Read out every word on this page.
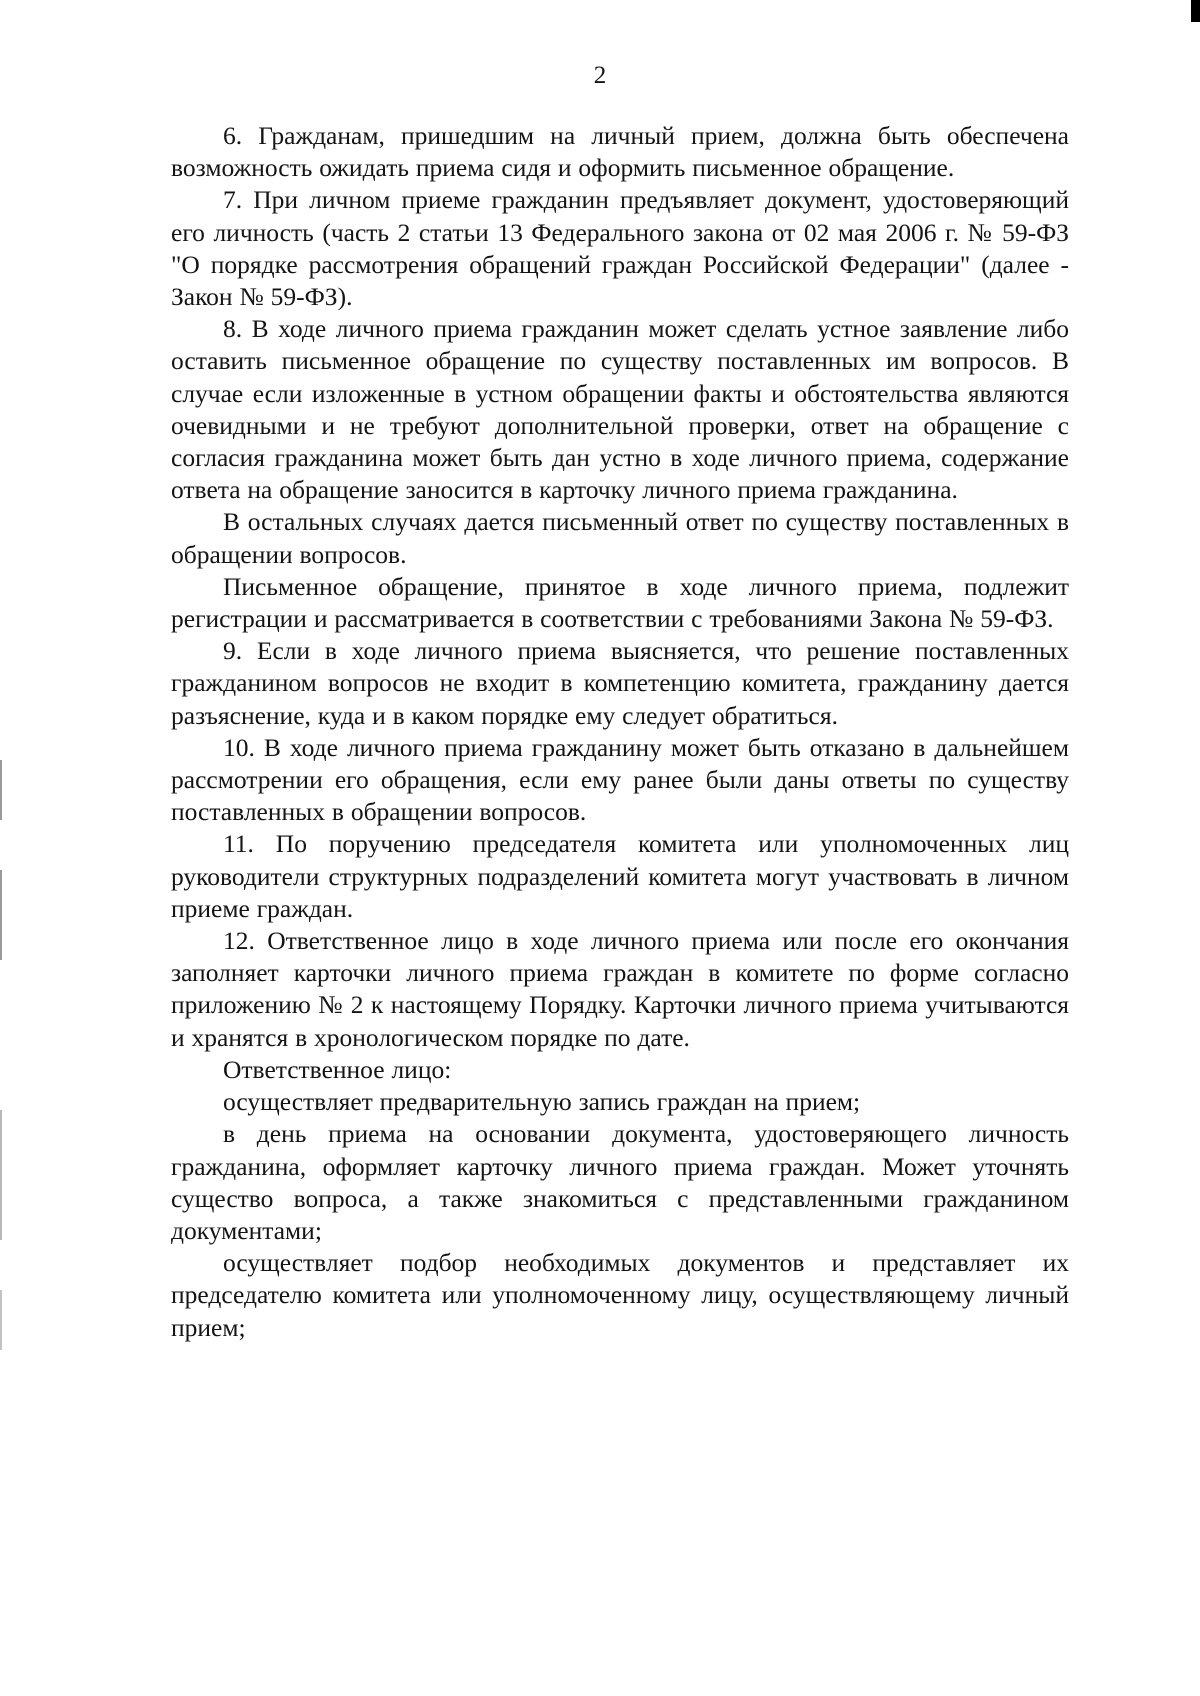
2

6. Гражданам, пришедшим на личный прием, должна быть обеспечена возможность ожидать приема сидя и оформить письменное обращение.

7. При личном приеме гражданин предъявляет документ, удостоверяющий его личность (часть 2 статьи 13 Федерального закона от 02 мая 2006 г. № 59-ФЗ "О порядке рассмотрения обращений граждан Российской Федерации" (далее - Закон № 59-ФЗ).

8. В ходе личного приема гражданин может сделать устное заявление либо оставить письменное обращение по существу поставленных им вопросов. В случае если изложенные в устном обращении факты и обстоятельства являются очевидными и не требуют дополнительной проверки, ответ на обращение с согласия гражданина может быть дан устно в ходе личного приема, содержание ответа на обращение заносится в карточку личного приема гражданина.

В остальных случаях дается письменный ответ по существу поставленных в обращении вопросов.

Письменное обращение, принятое в ходе личного приема, подлежит регистрации и рассматривается в соответствии с требованиями Закона № 59-ФЗ.

9. Если в ходе личного приема выясняется, что решение поставленных гражданином вопросов не входит в компетенцию комитета, гражданину дается разъяснение, куда и в каком порядке ему следует обратиться.

10. В ходе личного приема гражданину может быть отказано в дальнейшем рассмотрении его обращения, если ему ранее были даны ответы по существу поставленных в обращении вопросов.

11. По поручению председателя комитета или уполномоченных лиц руководители структурных подразделений комитета могут участвовать в личном приеме граждан.

12. Ответственное лицо в ходе личного приема или после его окончания заполняет карточки личного приема граждан в комитете по форме согласно приложению № 2 к настоящему Порядку. Карточки личного приема учитываются и хранятся в хронологическом порядке по дате.

Ответственное лицо:

осуществляет предварительную запись граждан на прием;

в день приема на основании документа, удостоверяющего личность гражданина, оформляет карточку личного приема граждан. Может уточнять существо вопроса, а также знакомиться с представленными гражданином документами;

осуществляет подбор необходимых документов и представляет их председателю комитета или уполномоченному лицу, осуществляющему личный прием;
